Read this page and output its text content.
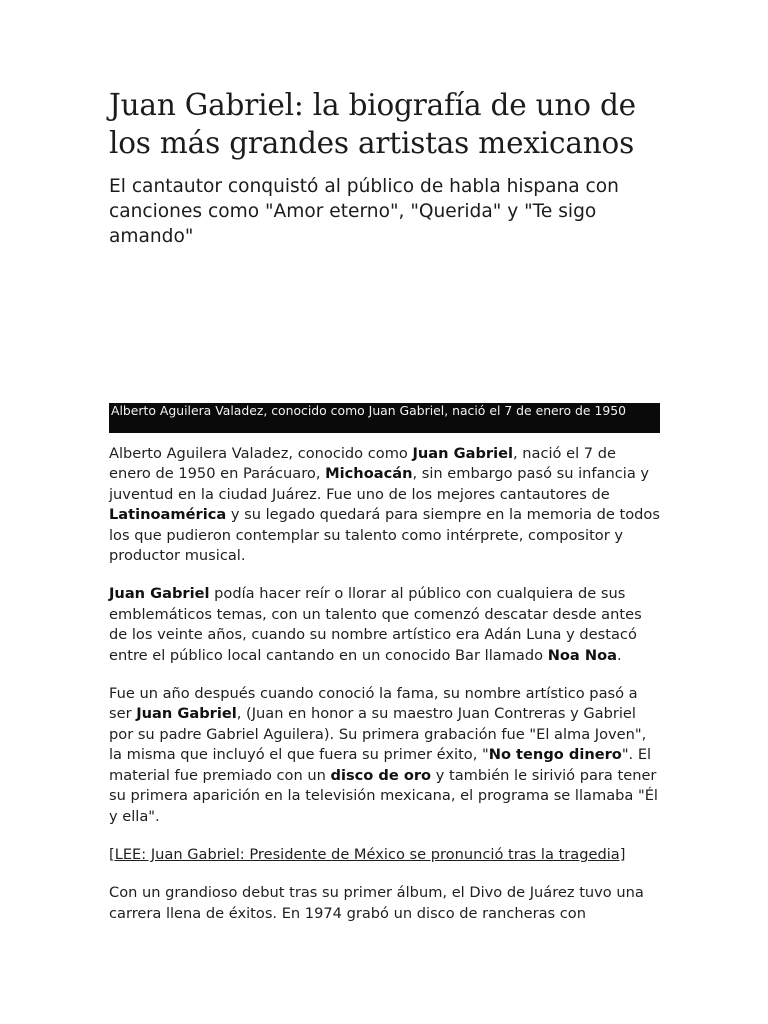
Juan Gabriel: la biografía de uno de los más grandes artistas mexicanos

El cantautor conquistó al público de habla hispana con canciones como "Amor eterno", "Querida" y "Te sigo amando"

Alberto Aguilera Valadez, conocido como Juan Gabriel, nació el 7 de enero de 1950

Alberto Aguilera Valadez, conocido como Juan Gabriel, nació el 7 de enero de 1950 en Parácuaro, Michoacán, sin embargo pasó su infancia y juventud en la ciudad Juárez. Fue uno de los mejores cantautores de Latinoamérica y su legado quedará para siempre en la memoria de todos los que pudieron contemplar su talento como intérprete, compositor y productor musical.

Juan Gabriel podía hacer reír o llorar al público con cualquiera de sus emblemáticos temas, con un talento que comenzó descatar desde antes de los veinte años, cuando su nombre artístico era Adán Luna y destacó entre el público local cantando en un conocido Bar llamado Noa Noa.

Fue un año después cuando conoció la fama, su nombre artístico pasó a ser Juan Gabriel, (Juan en honor a su maestro Juan Contreras y Gabriel por su padre Gabriel Aguilera). Su primera grabación fue "El alma Joven", la misma que incluyó el que fuera su primer éxito, "No tengo dinero". El material fue premiado con un disco de oro y también le sirivió para tener su primera aparición en la televisión mexicana, el programa se llamaba "Él y ella".

[LEE: Juan Gabriel: Presidente de México se pronunció tras la tragedia]

Con un grandioso debut tras su primer álbum, el Divo de Juárez tuvo una carrera llena de éxitos. En 1974 grabó un disco de rancheras con
